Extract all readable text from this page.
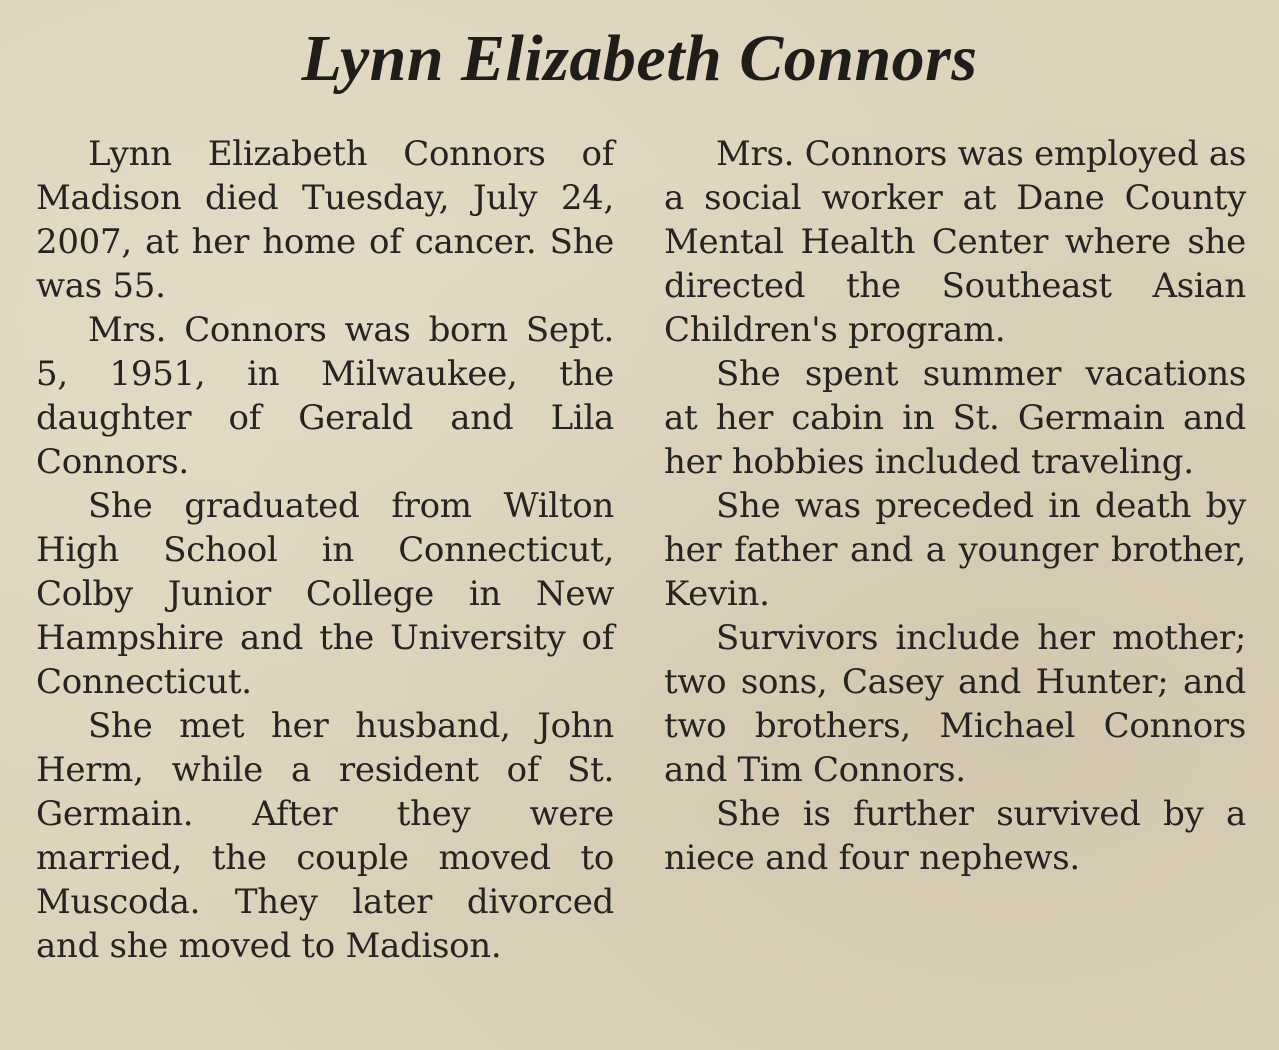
Lynn Elizabeth Connors

Lynn Elizabeth Connors of Madison died Tuesday, July 24, 2007, at her home of cancer. She was 55.

Mrs. Connors was born Sept. 5, 1951, in Milwaukee, the daughter of Gerald and Lila Connors.

She graduated from Wilton High School in Connecticut, Colby Junior College in New Hampshire and the University of Connecticut.

She met her husband, John Herm, while a resident of St. Germain. After they were married, the couple moved to Muscoda. They later divorced and she moved to Madison.

Mrs. Connors was employed as a social worker at Dane County Mental Health Center where she directed the Southeast Asian Children's program.

She spent summer vacations at her cabin in St. Germain and her hobbies included traveling.

She was preceded in death by her father and a younger brother, Kevin.

Survivors include her mother; two sons, Casey and Hunter; and two brothers, Michael Connors and Tim Connors.

She is further survived by a niece and four nephews.
